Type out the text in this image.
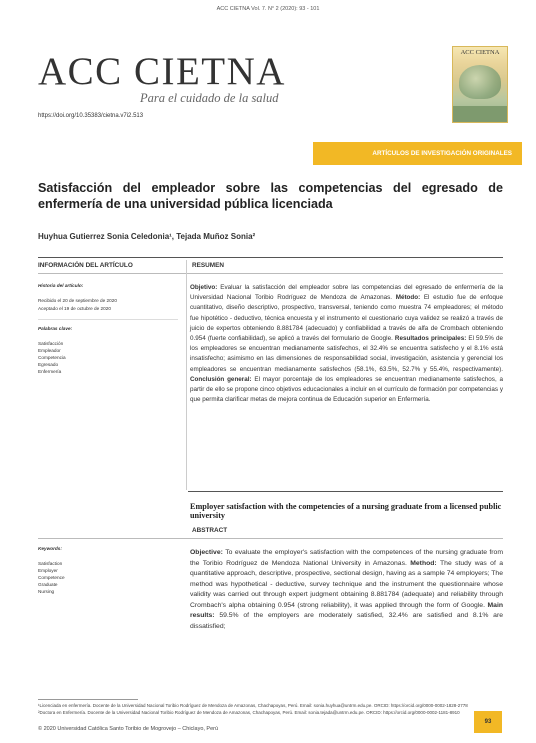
ACC CIETNA Vol. 7. N° 2 (2020): 93 - 101
ACC CIETNA
Para el cuidado de la salud
https://doi.org/10.35383/cietna.v7i2.513
ACC CIETNA
ARTÍCULOS DE INVESTIGACIÓN ORIGINALES
Satisfacción del empleador sobre las competencias del egresado de enfermería de una universidad pública licenciada
Huyhua Gutierrez Sonia Celedonia¹, Tejada Muñoz Sonia²
INFORMACIÓN DEL ARTÍCULO	RESUMEN
Historia del artículo:
Recibido el 20 de septiembre de 2020
Aceptado el 19 de octubre de 2020
Palabras clave:
Satisfacción
Empleador
Competencia
Egresado
Enfermería
Objetivo: Evaluar la satisfacción del empleador sobre las competencias del egresado de enfermería de la Universidad Nacional Toribio Rodríguez de Mendoza de Amazonas. Método: El estudio fue de enfoque cuantitativo, diseño descriptivo, prospectivo, transversal, teniendo como muestra 74 empleadores; el método fue hipotético - deductivo, técnica encuesta y el instrumento el cuestionario cuya validez se realizó a través de juicio de expertos obteniendo 8.881784 (adecuado) y confiabilidad a través de alfa de Crombach obteniendo 0.954 (fuerte confiabilidad), se aplicó a través del formulario de Google. Resultados principales: El 59.5% de los empleadores se encuentran medianamente satisfechos, el 32.4% se encuentra satisfecho y el 8.1% está insatisfecho; asimismo en las dimensiones de responsabilidad social, investigación, asistencia y gerencial los empleadores se encuentran medianamente satisfechos (58.1%, 63.5%, 52.7% y 55.4%, respectivamente). Conclusión general: El mayor porcentaje de los empleadores se encuentran medianamente satisfechos, a partir de ello se propone cinco objetivos educacionales a incluir en el currículo de formación por competencias y que permita clarificar metas de mejora continua de Educación superior en Enfermería.
Employer satisfaction with the competencies of a nursing graduate from a licensed public university
ABSTRACT
Keywords:
Satisfaction
Employer
Competence
Graduate
Nursing
Objective: To evaluate the employer's satisfaction with the competences of the nursing graduate from the Toribio Rodríguez de Mendoza National University in Amazonas. Method: The study was of a quantitative approach, descriptive, prospective, sectional design, having as a sample 74 employers; The method was hypothetical - deductive, survey technique and the instrument the questionnaire whose validity was carried out through expert judgment obtaining 8.881784 (adequate) and reliability through Crombach's alpha obtaining 0.954 (strong reliability), it was applied through the form of Google. Main results: 59.5% of the employers are moderately satisfied, 32.4% are satisfied and 8.1% are dissatisfied;
¹Licenciada en enfermería. Docente de la Universidad Nacional Toribio Rodríguez de Mendoza de Amazonas, Chachapoyas, Perú. Email: sonia.huyhua@untrm.edu.pe. ORCID: https://orcid.org/0000-0002-1828-2778
²Doctora en Enfermería. Docente de la Universidad Nacional Toribio Rodríguez de Mendoza de Amazonas, Chachapoyas, Perú. Email: sonia.tejada@untrm.edu.pe. ORCID: https://orcid.org/0000-0002-1181-8910
© 2020 Universidad Católica Santo Toribio de Mogrovejo – Chiclayo, Perú
93
